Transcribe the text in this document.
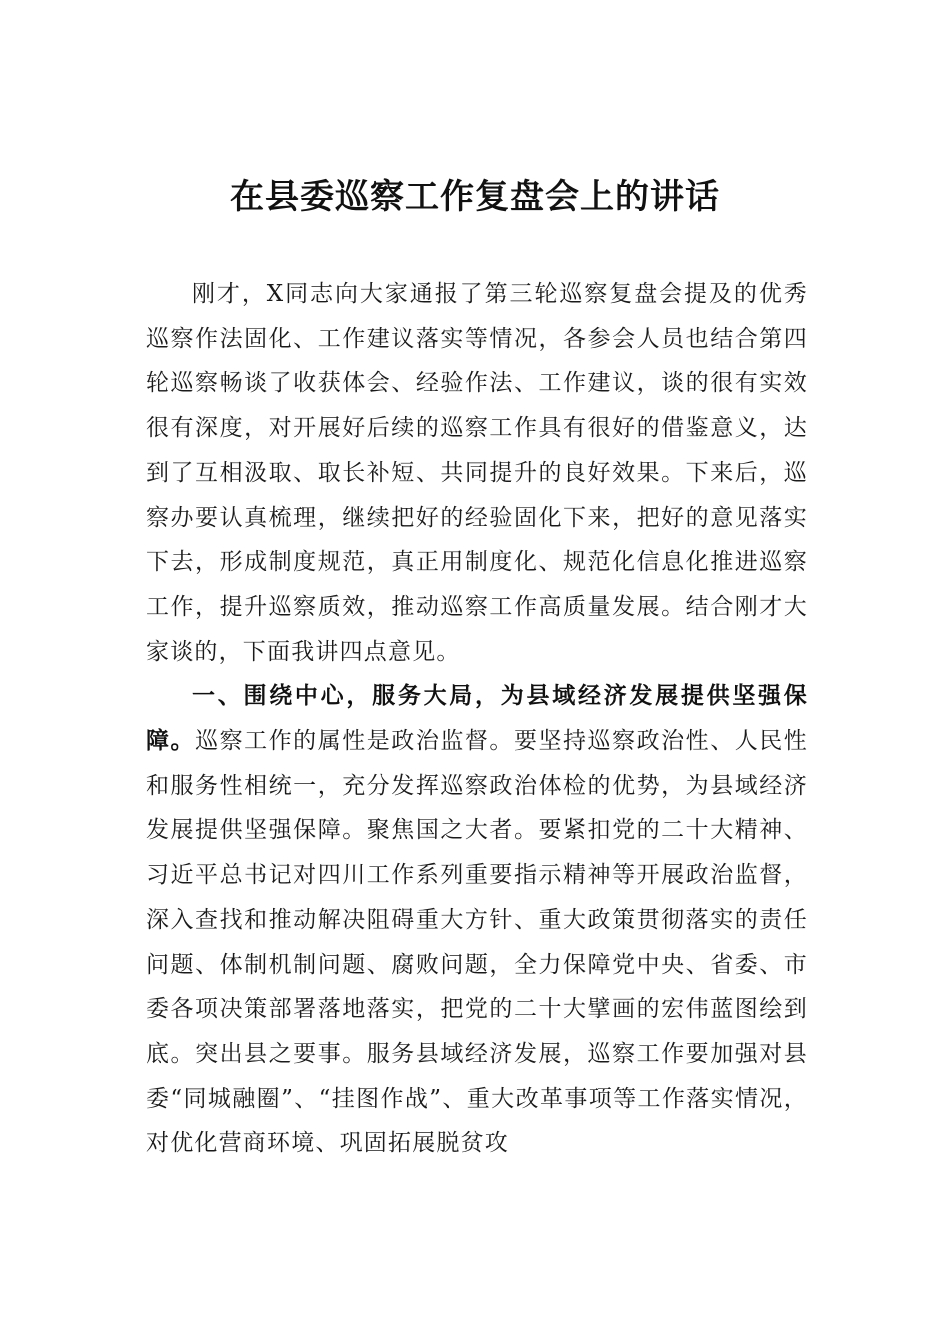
在县委巡察工作复盘会上的讲话

刚才，X同志向大家通报了第三轮巡察复盘会提及的优秀巡察作法固化、工作建议落实等情况，各参会人员也结合第四轮巡察畅谈了收获体会、经验作法、工作建议，谈的很有实效很有深度，对开展好后续的巡察工作具有很好的借鉴意义，达到了互相汲取、取长补短、共同提升的良好效果。下来后，巡察办要认真梳理，继续把好的经验固化下来，把好的意见落实下去，形成制度规范，真正用制度化、规范化信息化推进巡察工作，提升巡察质效，推动巡察工作高质量发展。结合刚才大家谈的，下面我讲四点意见。

一、围绕中心，服务大局，为县域经济发展提供坚强保障。巡察工作的属性是政治监督。要坚持巡察政治性、人民性和服务性相统一，充分发挥巡察政治体检的优势，为县域经济发展提供坚强保障。聚焦国之大者。要紧扣党的二十大精神、习近平总书记对四川工作系列重要指示精神等开展政治监督，深入查找和推动解决阻碍重大方针、重大政策贯彻落实的责任问题、体制机制问题、腐败问题，全力保障党中央、省委、市委各项决策部署落地落实，把党的二十大擘画的宏伟蓝图绘到底。突出县之要事。服务县域经济发展，巡察工作要加强对县委“同城融圈”、“挂图作战”、重大改革事项等工作落实情况，对优化营商环境、巩固拓展脱贫攻
